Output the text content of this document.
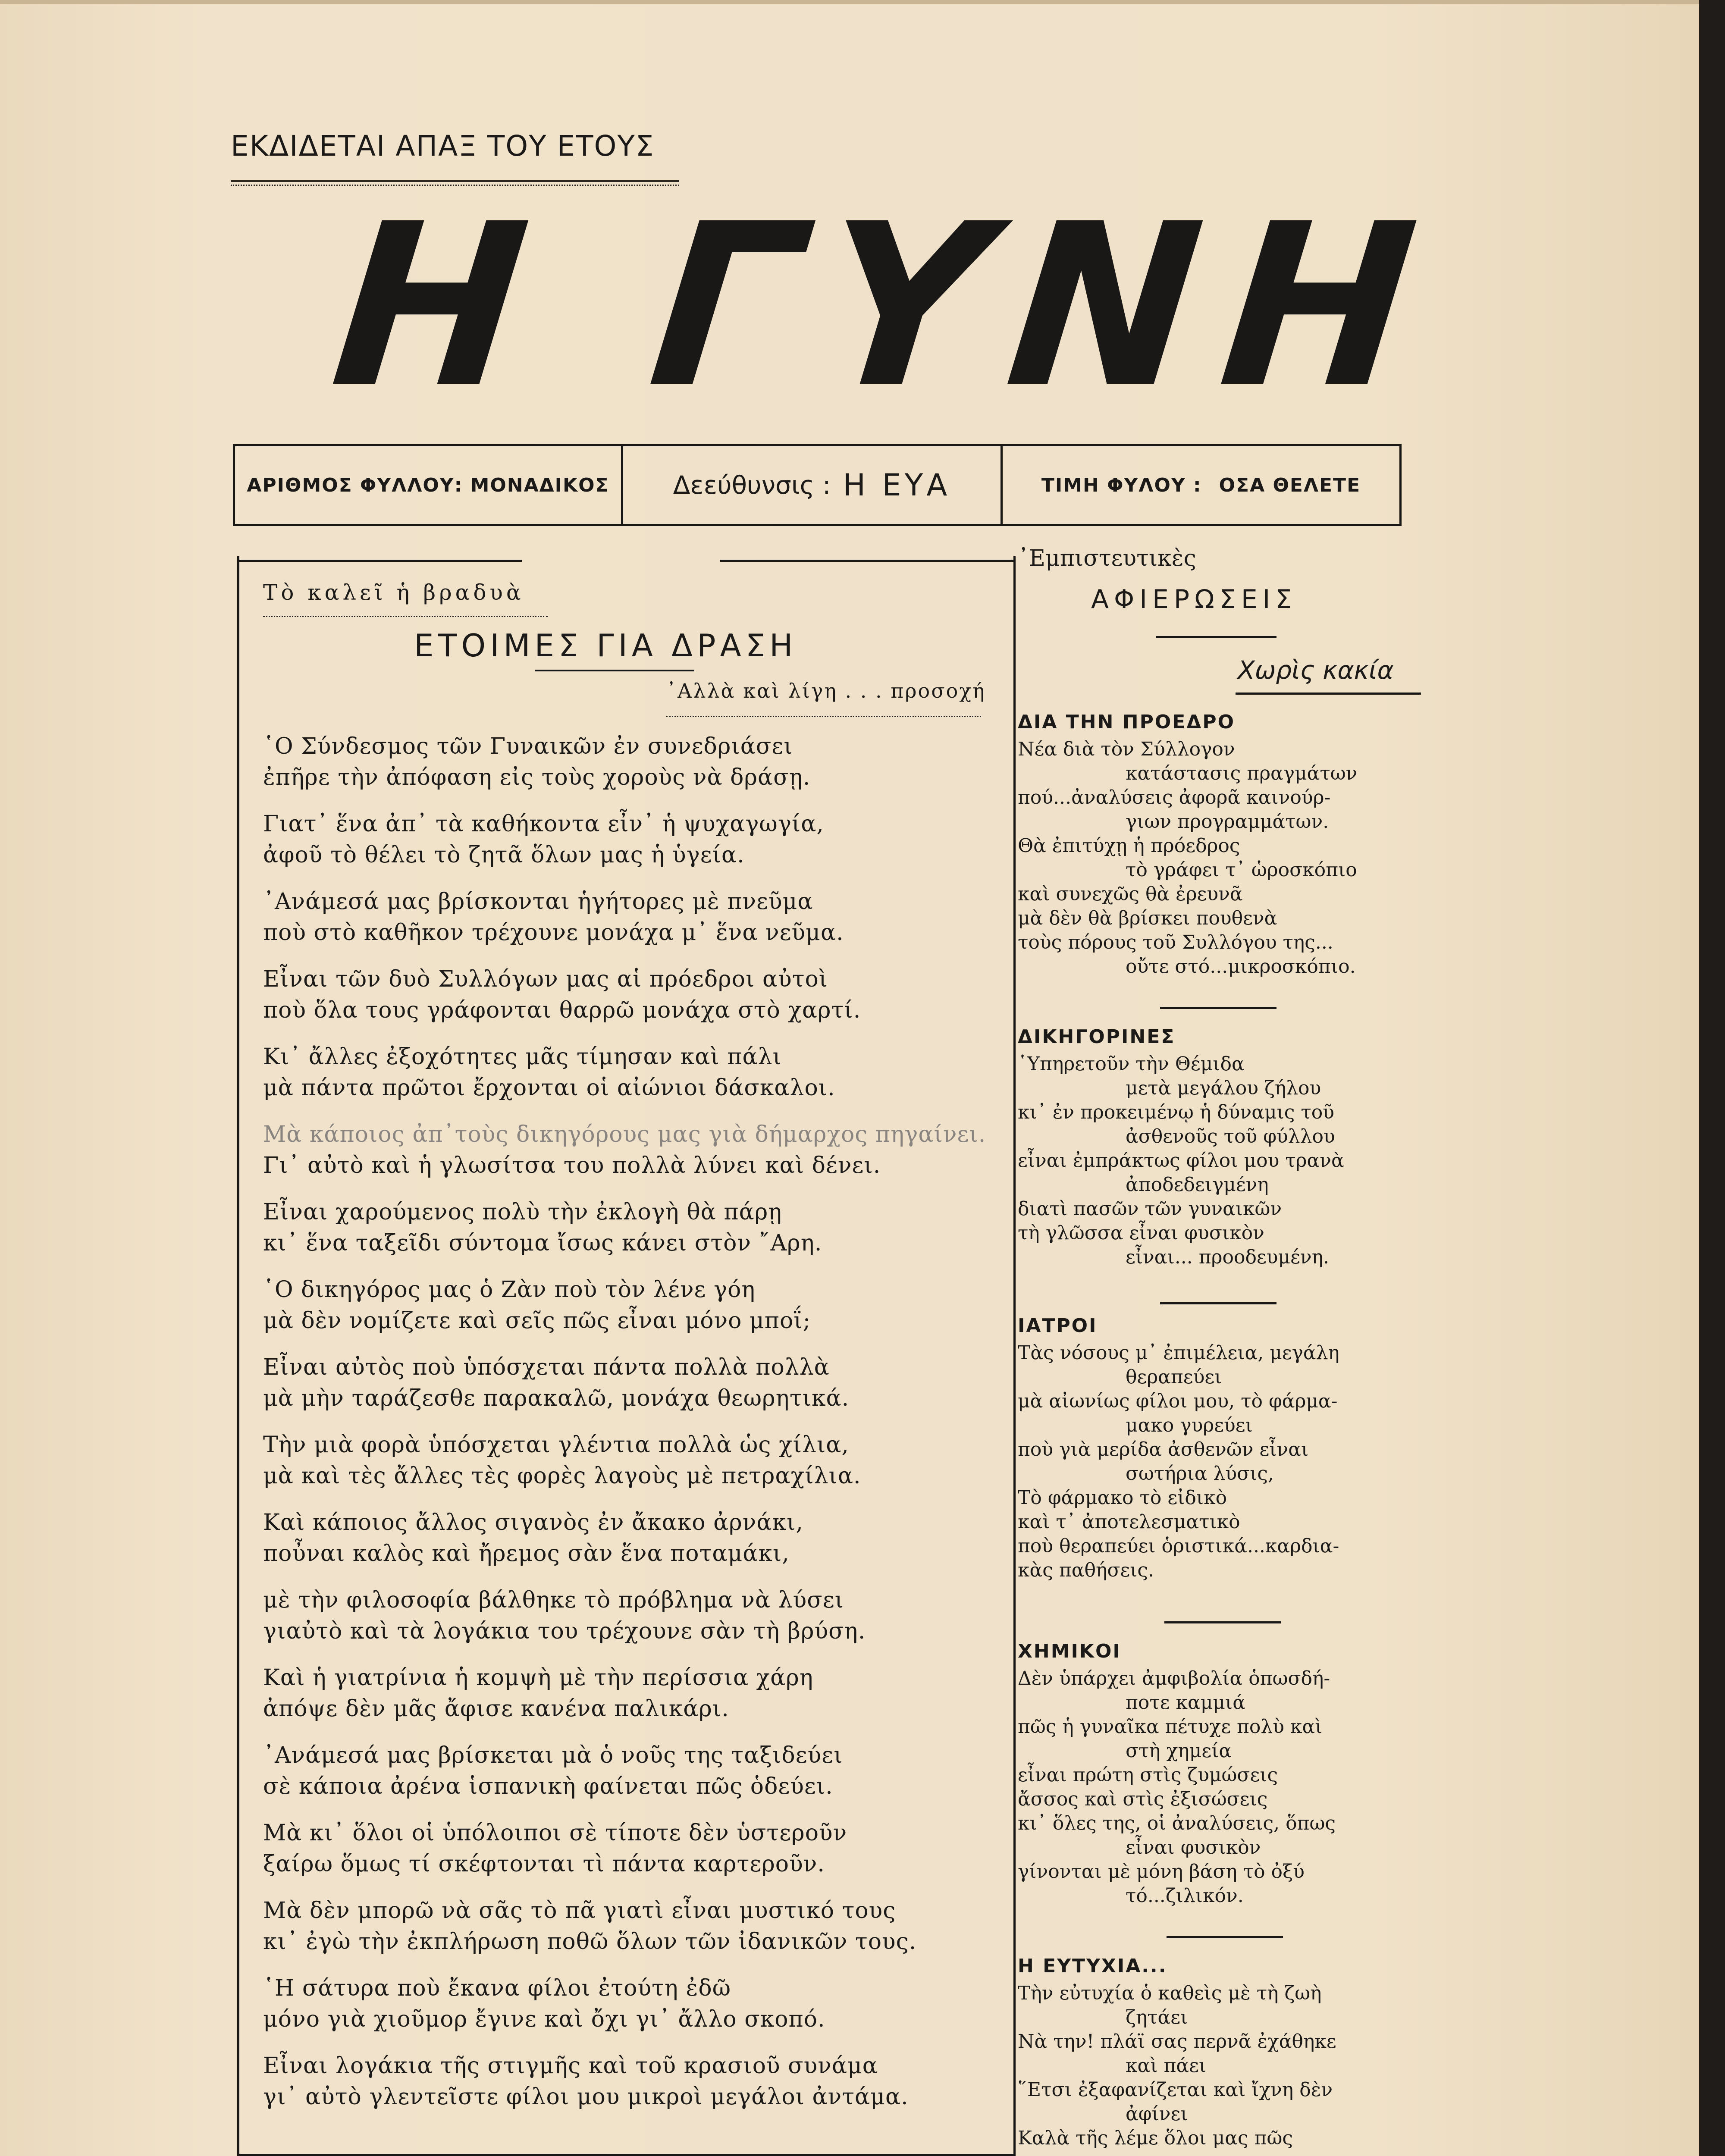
ΕΚΔΙΔΕΤΑΙ ΑΠΑΞ ΤΟΥ ΕΤΟΥΣ
Η ΓΥΝΗ
ΑΡΙΘΜΟΣ ΦΥΛΛΟΥ: ΜΟΝΑΔΙΚΟΣ	Δεεύθυνσις : Η ΕΥΑ	ΤΙΜΗ ΦΥΛΟΥ : ΟΣΑ ΘΕΛΕΤΕ
Τὸ καλεῖ ἡ βραδυὰ
ΕΤΟΙΜΕΣ ΓΙΑ ΔΡΑΣΗ
᾿Αλλὰ καὶ λίγη . . . προσοχή
῾Ο Σύνδεσμος τῶν Γυναικῶν ἐν συνεδριάσει
ἐπῆρε τὴν ἀπόφαση εἰς τοὺς χοροὺς νὰ δράσῃ.
Γιατ᾿ ἕνα ἀπ᾿ τὰ καθήκοντα εἶν᾿ ἡ ψυχαγωγία,
ἀφοῦ τὸ θέλει τὸ ζητᾶ ὅλων μας ἡ ὑγεία.
᾿Ανάμεσά μας βρίσκονται ἡγήτορες μὲ πνεῦμα
ποὺ στὸ καθῆκον τρέχουνε μονάχα μ᾿ ἕνα νεῦμα.
Εἶναι τῶν δυὸ Συλλόγων μας αἱ πρόεδροι αὐτοὶ
ποὺ ὅλα τους γράφονται θαρρῶ μονάχα στὸ χαρτί.
Κι᾿ ἄλλες ἐξοχότητες μᾶς τίμησαν καὶ πάλι
μὰ πάντα πρῶτοι ἔρχονται οἱ αἰώνιοι δάσκαλοι.
Μὰ κάποιος ἀπ᾿τοὺς δικηγόρους μας γιὰ δήμαρχος πηγαίνει.
Γι᾿ αὐτὸ καὶ ἡ γλωσίτσα του πολλὰ λύνει καὶ δένει.
Εἶναι χαρούμενος πολὺ τὴν ἐκλογὴ θὰ πάρῃ
κι᾿ ἕνα ταξεῖδι σύντομα ἴσως κάνει στὸν ῎Αρη.
῾Ο δικηγόρος μας ὁ Ζὰν ποὺ τὸν λένε γόη
μὰ δὲν νομίζετε καὶ σεῖς πῶς εἶναι μόνο μποΐ;
Εἶναι αὐτὸς ποὺ ὑπόσχεται πάντα πολλὰ πολλὰ
μὰ μὴν ταράζεσθε παρακαλῶ, μονάχα θεωρητικά.
Τὴν μιὰ φορὰ ὑπόσχεται γλέντια πολλὰ ὡς χίλια,
μὰ καὶ τὲς ἄλλες τὲς φορὲς λαγοὺς μὲ πετραχίλια.
Καὶ κάποιος ἄλλος σιγανὸς ἐν ἄκακο ἀρνάκι,
ποὖναι καλὸς καὶ ἤρεμος σὰν ἕνα ποταμάκι,
μὲ τὴν φιλοσοφία βάλθηκε τὸ πρόβλημα νὰ λύσει
γιαὐτὸ καὶ τὰ λογάκια του τρέχουνε σὰν τὴ βρύση.
Καὶ ἡ γιατρίνια ἡ κομψὴ μὲ τὴν περίσσια χάρη
ἀπόψε δὲν μᾶς ἄφισε κανένα παλικάρι.
᾿Ανάμεσά μας βρίσκεται μὰ ὁ νοῦς της ταξιδεύει
σὲ κάποια ἀρένα ἱσπανικὴ φαίνεται πῶς ὁδεύει.
Μὰ κι᾿ ὅλοι οἱ ὑπόλοιποι σὲ τίποτε δὲν ὑστεροῦν
ξαίρω ὅμως τί σκέφτονται τὶ πάντα καρτεροῦν.
Μὰ δὲν μπορῶ νὰ σᾶς τὸ πᾶ γιατὶ εἶναι μυστικό τους
κι᾿ ἐγὼ τὴν ἐκπλήρωση ποθῶ ὅλων τῶν ἰδανικῶν τους.
῾Η σάτυρα ποὺ ἔκανα φίλοι ἐτούτη ἐδῶ
μόνο γιὰ χιοῦμορ ἔγινε καὶ ὄχι γι᾿ ἄλλο σκοπό.
Εἶναι λογάκια τῆς στιγμῆς καὶ τοῦ κρασιοῦ συνάμα
γι᾿ αὐτὸ γλεντεῖστε φίλοι μου μικροὶ μεγάλοι ἀντάμα.
᾿Εμπιστευτικὲς
ΑΦΙΕΡΩΣΕΙΣ
Χωρὶς κακία
ΔΙΑ ΤΗΝ ΠΡΟΕΔΡΟ
Νέα διὰ τὸν Σύλλογον
κατάστασις πραγμάτων
πού...ἀναλύσεις ἀφορᾶ καινούρ-
γιων προγραμμάτων.
Θὰ ἐπιτύχῃ ἡ πρόεδρος
τὸ γράφει τ᾿ ὡροσκόπιο
καὶ συνεχῶς θὰ ἐρευνᾶ
μὰ δὲν θὰ βρίσκει πουθενὰ
τοὺς πόρους τοῦ Συλλόγου της...
οὔτε στό...μικροσκόπιο.
ΔΙΚΗΓΟΡΙΝΕΣ
῾Υπηρετοῦν τὴν Θέμιδα
μετὰ μεγάλου ζήλου
κι᾿ ἐν προκειμένῳ ἡ δύναμις τοῦ
ἀσθενοῦς τοῦ φύλλου
εἶναι ἐμπράκτως φίλοι μου τρανὰ
ἀποδεδειγμένη
διατὶ πασῶν τῶν γυναικῶν
τὴ γλῶσσα εἶναι φυσικὸν
εἶναι... προοδευμένη.
ΙΑΤΡΟΙ
Τὰς νόσους μ᾿ ἐπιμέλεια, μεγάλη
θεραπεύει
μὰ αἰωνίως φίλοι μου, τὸ φάρμα-
μακο γυρεύει
ποὺ γιὰ μερίδα ἀσθενῶν εἶναι
σωτήρια λύσις,
Τὸ φάρμακο τὸ εἰδικὸ
καὶ τ᾿ ἀποτελεσματικὸ
ποὺ θεραπεύει ὁριστικά...καρδια-
κὰς παθήσεις.
ΧΗΜΙΚΟΙ
Δὲν ὑπάρχει ἀμφιβολία ὁπωσδή-
ποτε καμμιά
πῶς ἡ γυναῖκα πέτυχε πολὺ καὶ
στὴ χημεία
εἶναι πρώτη στὶς ζυμώσεις
ἄσσος καὶ στὶς ἐξισώσεις
κι᾿ ὅλες της, οἱ ἀναλύσεις, ὅπως
εἶναι φυσικὸν
γίνονται μὲ μόνη βάση τὸ ὀξύ
τό...ζιλικόν.
Η ΕΥΤΥΧΙΑ...
Τὴν εὐτυχία ὁ καθεὶς μὲ τὴ ζωὴ
ζητάει
Νὰ την! πλάϊ σας περνᾶ ἐχάθηκε
καὶ πάει
῞Ετσι ἐξαφανίζεται καὶ ἴχνη δὲν
ἀφίνει
Καλὰ τῆς λέμε ὅλοι μας πῶς
